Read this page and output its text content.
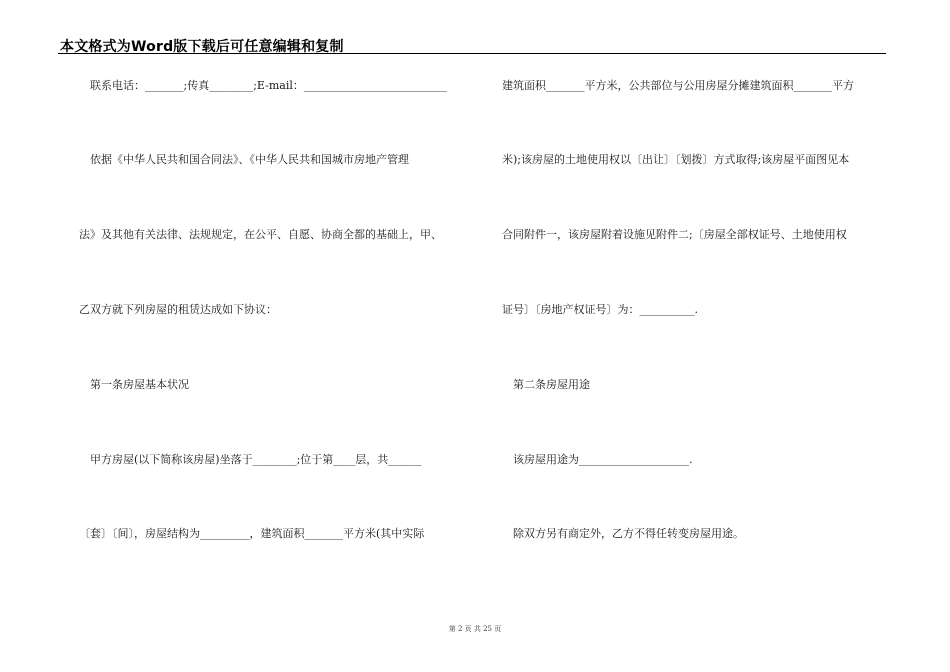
本文格式为Word版下载后可任意编辑和复制
联系电话：_______;传真________;E-mail：__________________________
依据《中华人民共和国合同法》、《中华人民共和国城市房地产管理
法》及其他有关法律、法规规定，在公平、自愿、协商全都的基础上，甲、
乙双方就下列房屋的租赁达成如下协议：
第一条房屋基本状况
甲方房屋(以下简称该房屋)坐落于________;位于第____层，共______
〔套〕〔间〕，房屋结构为_________，建筑面积_______平方米(其中实际
建筑面积_______平方米，公共部位与公用房屋分摊建筑面积_______平方
米);该房屋的土地使用权以〔出让〕〔划拨〕方式取得;该房屋平面图见本
合同附件一，该房屋附着设施见附件二;〔房屋全部权证号、土地使用权
证号〕〔房地产权证号〕为：__________.
第二条房屋用途
该房屋用途为____________________.
除双方另有商定外，乙方不得任转变房屋用途。
第 2 页 共 25 页
